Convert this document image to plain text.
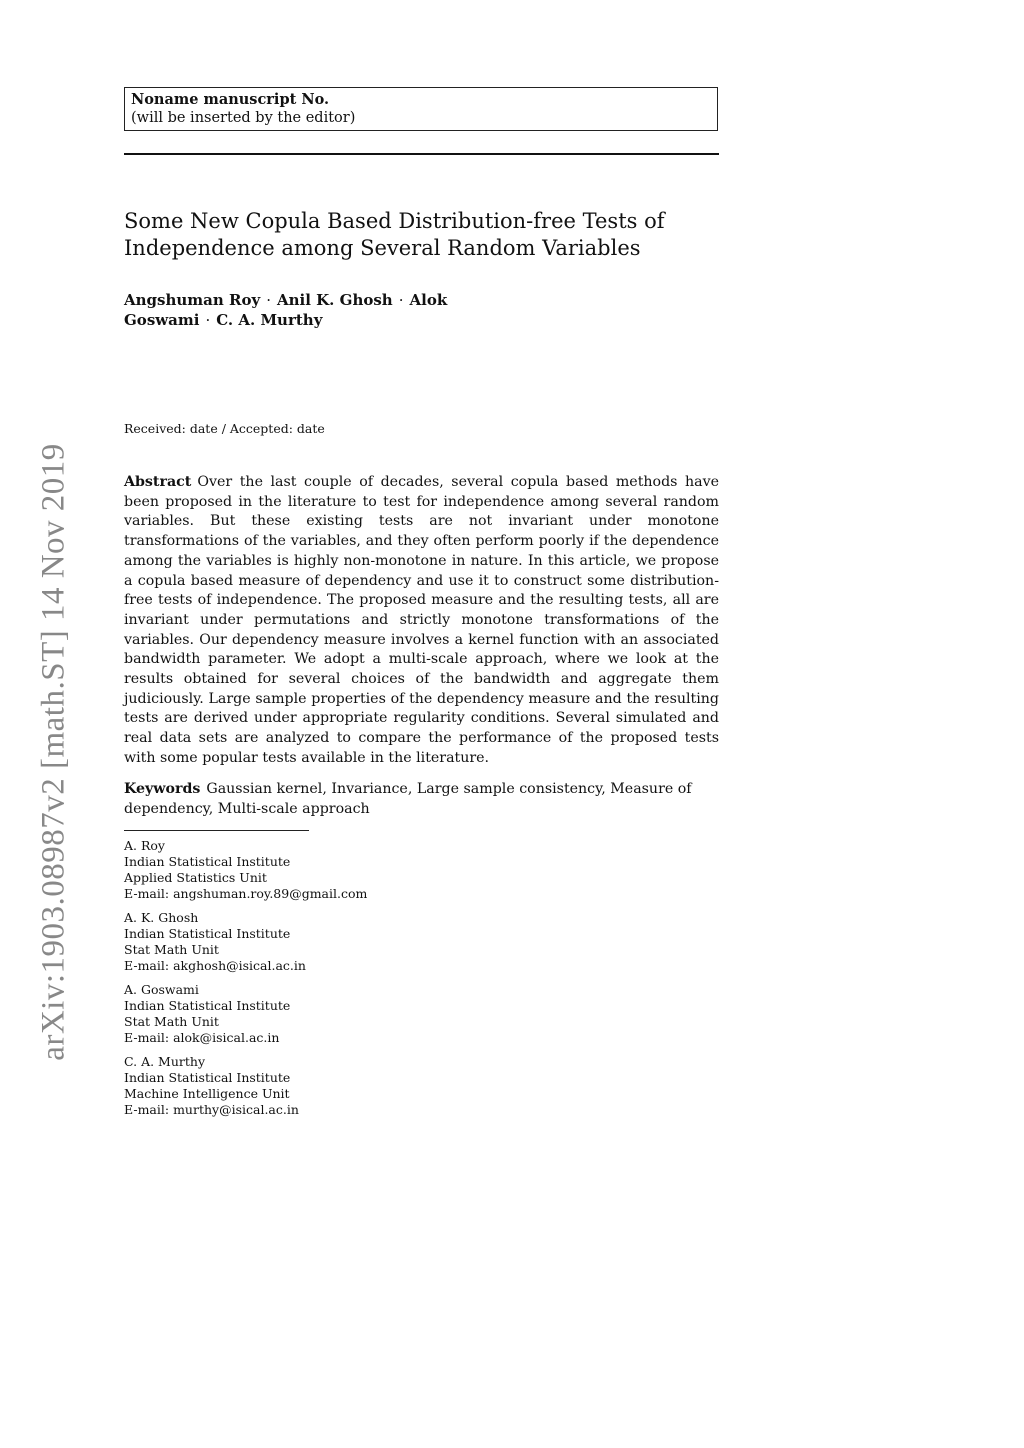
Noname manuscript No.
(will be inserted by the editor)
Some New Copula Based Distribution-free Tests of Independence among Several Random Variables
Angshuman Roy · Anil K. Ghosh · Alok Goswami · C. A. Murthy
Received: date / Accepted: date

Abstract Over the last couple of decades, several copula based methods have been proposed in the literature to test for independence among several random variables. But these existing tests are not invariant under monotone transformations of the variables, and they often perform poorly if the dependence among the variables is highly non-monotone in nature. In this article, we propose a copula based measure of dependency and use it to construct some distribution-free tests of independence. The proposed measure and the resulting tests, all are invariant under permutations and strictly monotone transformations of the variables. Our dependency measure involves a kernel function with an associated bandwidth parameter. We adopt a multi-scale approach, where we look at the results obtained for several choices of the bandwidth and aggregate them judiciously. Large sample properties of the dependency measure and the resulting tests are derived under appropriate regularity conditions. Several simulated and real data sets are analyzed to compare the performance of the proposed tests with some popular tests available in the literature.

Keywords Gaussian kernel, Invariance, Large sample consistency, Measure of dependency, Multi-scale approach

A. Roy
Indian Statistical Institute
Applied Statistics Unit
E-mail: angshuman.roy.89@gmail.com
A. K. Ghosh
Indian Statistical Institute
Stat Math Unit
E-mail: akghosh@isical.ac.in
A. Goswami
Indian Statistical Institute
Stat Math Unit
E-mail: alok@isical.ac.in
C. A. Murthy
Indian Statistical Institute
Machine Intelligence Unit
E-mail: murthy@isical.ac.in
arXiv:1903.08987v2 [math.ST] 14 Nov 2019
